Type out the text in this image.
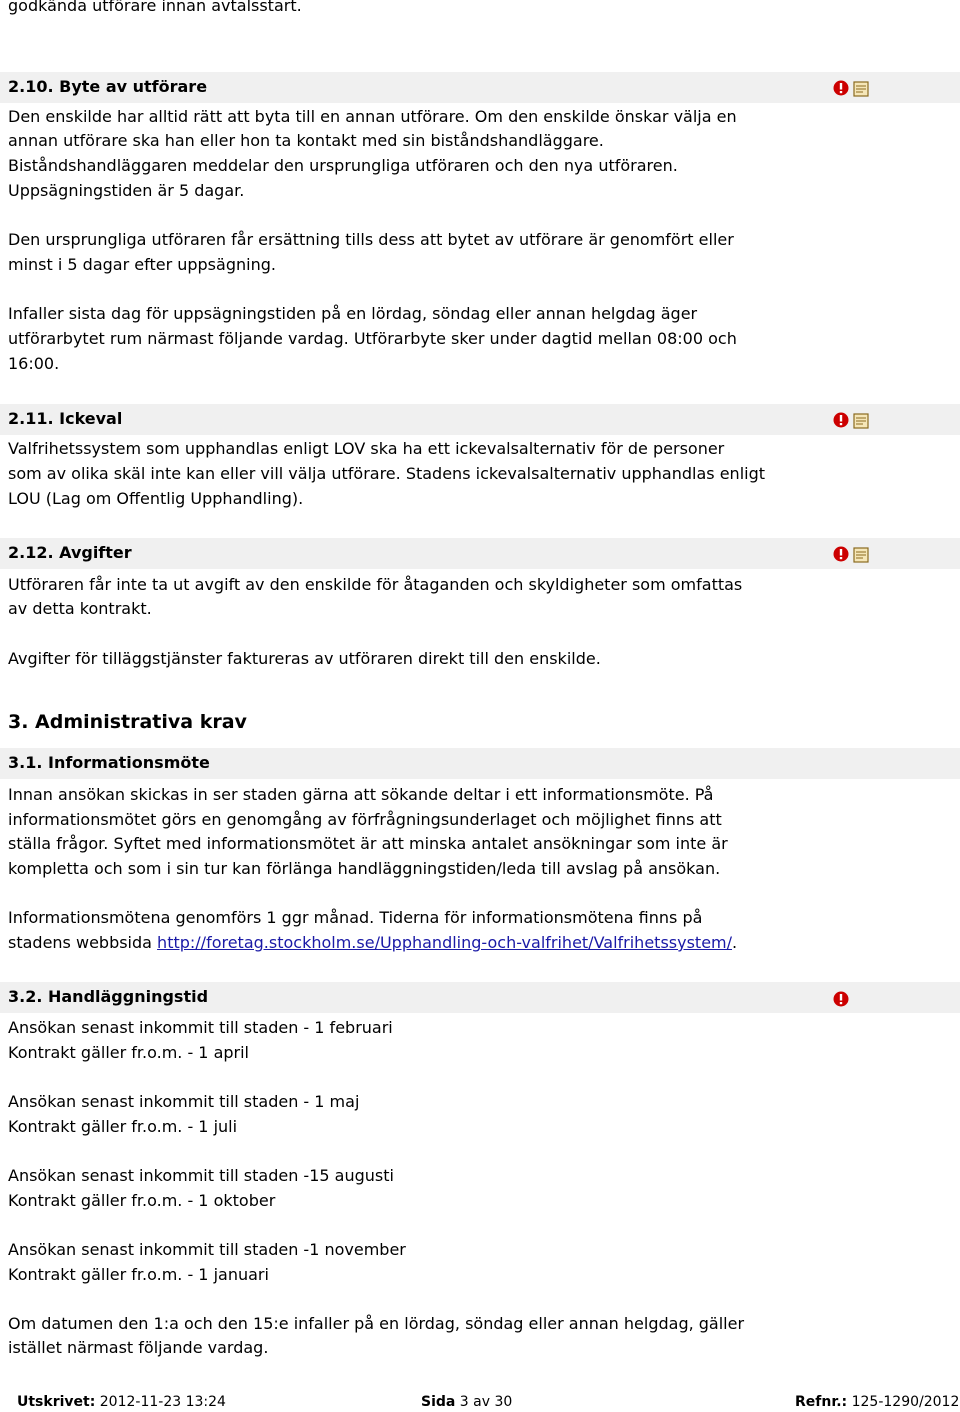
godkända utförare innan avtalsstart.

2.10. Byte av utförare

Den enskilde har alltid rätt att byta till en annan utförare. Om den enskilde önskar välja en

annan utförare ska han eller hon ta kontakt med sin biståndshandläggare.

Biståndshandläggaren meddelar den ursprungliga utföraren och den nya utföraren.

Uppsägningstiden är 5 dagar.

Den ursprungliga utföraren får ersättning tills dess att bytet av utförare är genomfört eller

minst i 5 dagar efter uppsägning.

Infaller sista dag för uppsägningstiden på en lördag, söndag eller annan helgdag äger

utförarbytet rum närmast följande vardag. Utförarbyte sker under dagtid mellan 08:00 och

16:00.

2.11. Ickeval

Valfrihetssystem som upphandlas enligt LOV ska ha ett ickevalsalternativ för de personer

som av olika skäl inte kan eller vill välja utförare. Stadens ickevalsalternativ upphandlas enligt

LOU (Lag om Offentlig Upphandling).

2.12. Avgifter

Utföraren får inte ta ut avgift av den enskilde för åtaganden och skyldigheter som omfattas

av detta kontrakt.

Avgifter för tilläggstjänster faktureras av utföraren direkt till den enskilde.

3. Administrativa krav
3.1. Informationsmöte

Innan ansökan skickas in ser staden gärna att sökande deltar i ett informationsmöte. På

informationsmötet görs en genomgång av förfrågningsunderlaget och möjlighet finns att

ställa frågor. Syftet med informationsmötet är att minska antalet ansökningar som inte är

kompletta och som i sin tur kan förlänga handläggningstiden/leda till avslag på ansökan.

Informationsmötena genomförs 1 ggr månad. Tiderna för informationsmötena finns på

stadens webbsida http://foretag.stockholm.se/Upphandling-och-valfrihet/Valfrihetssystem/.

3.2. Handläggningstid

Ansökan senast inkommit till staden - 1 februari

Kontrakt gäller fr.o.m. - 1 april

Ansökan senast inkommit till staden - 1 maj

Kontrakt gäller fr.o.m. - 1 juli

Ansökan senast inkommit till staden -15 augusti

Kontrakt gäller fr.o.m. - 1 oktober

Ansökan senast inkommit till staden -1 november

Kontrakt gäller fr.o.m. - 1 januari

Om datumen den 1:a och den 15:e infaller på en lördag, söndag eller annan helgdag, gäller

istället närmast följande vardag.

Utskrivet: 2012-11-23 13:24	Sida 3 av 30	Refnr.: 125-1290/2012
